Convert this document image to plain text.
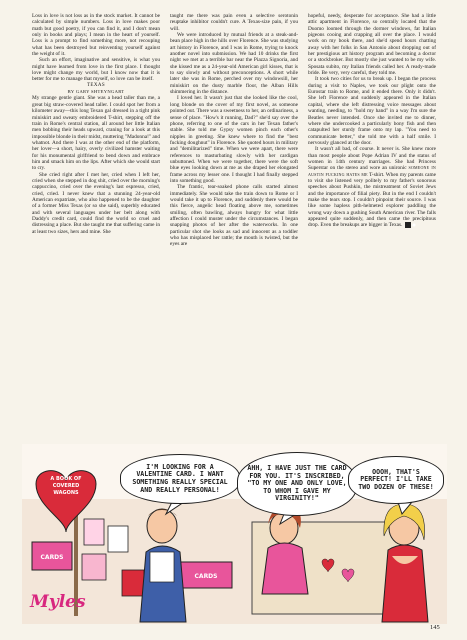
Loss in love is not loss as in the stock market. It cannot be calculated by simple numbers. Loss in love makes poor math but good poetry, if you can find it, and I don't mean only in books and plays; I mean in the heart of yourself. Loss is a prompt to find something more, not recouping what has been destroyed but reinventing yourself against the weight of it.

Such an effort, imaginative and sensitive, is what you might have learned from love in the first place. I thought love might change my world, but I know now that it is better for me to manage that myself, so love can be itself.

TEXAS

BY GARY SHTEYNGART

My strange gentle giant. She was a head taller than me, a great big straw-covered head taller. I could spot her from a kilometer away—this long Texan gal dressed in a tight pink miniskirt and sweaty embroidered T-shirt, stepping off the train in Rome's central station, all around her little Italian men bobbing their heads upward, craning for a look at this impossible blonde in their midst, muttering "Madonna!" and whatnot. And there I was at the other end of the platform, her lover—a short, hairy, overly civilized hamster waiting for his monumental girlfriend to bend down and embrace him and smack him on the lips. After which she would start to cry.

She cried right after I met her, cried when I left her, cried when she stepped in dog shit, cried over the morning's cappuccino, cried over the evening's last espresso, cried, cried, cried. I never knew that a stunning 24-year-old American expatriate, who also happened to be the daughter of a former Miss Texas (or so she said), superbly educated and with several languages under her belt along with Daddy's credit card, could find the world so cruel and distressing a place. But she taught me that suffering came in at least two sizes, hers and mine. She

taught me there was pain even a selective serotonin reuptake inhibitor couldn't cure. A Texas-size pain, if you will.

We were introduced by mutual friends at a steak-and-bean place high in the hills over Florence. She was studying art history in Florence, and I was in Rome, trying to knock another novel into submission. We had 10 drinks the first night we met at a terrible bar near the Piazza Signoria, and she kissed me as a 24-year-old American girl kisses, that is to say slowly and without preconceptions. A short while later she was in Rome, perched over my windowsill, her miniskirt on the dusty marble floor, the Alban Hills shimmering in the distance.

I loved her. It wasn't just that she looked like the cool, long blonde on the cover of my first novel, as someone pointed out. There was a sweetness to her, an ordinariness, a sense of place. "How's it running, Dad?" she'd say over the phone, referring to one of the cars in her Texan father's stable. She told me Gypsy women pinch each other's nipples in greeting. She knew where to find the "best fucking doughnut" in Florence. She quoted hours in military and "demilitarized" time. When we were apart, there were references to masturbating slowly with her cardigan unbuttoned. When we were together, there were the soft blue eyes looking down at me as she draped her elongated frame across my lesser one. I thought I had finally stepped into something good.

The frantic, tear-soaked phone calls started almost immediately. She would take the train down to Rome or I would take it up to Florence, and suddenly there would be this fierce, angelic head floating above me, sometimes smiling, often bawling, always hungry for what little affection I could muster under the circumstances. I began snapping photos of her after the waterworks. In one particular shot she looks as sad and innocent as a toddler who has misplaced her rattle; the mouth is twisted, but the eyes are

hopeful, needy, desperate for acceptance. She had a little attic apartment in Florence, so centrally located that the Duomo loomed through the dormer windows, fat Italian pigeons cooing and crapping all over the place. I would work on my book there, and she'd spend hours chatting away with her folks in San Antonio about dropping out of her prestigious art history program and becoming a doctor or a stockbroker. But mostly she just wanted to be my wife. Sposata subito, my Italian friends called her. A ready-made bride. Be very, very careful, they told me.

It took two cities for us to break up. I began the process during a visit to Naples, we took our plight onto the Eurostar train to Rome, and it ended there. Only it didn't. She left Florence and suddenly appeared in the Italian capital, where she left distressing voice messages about wanting, needing, to "hold my hand" in a way I'm sure the Beatles never intended. Once she invited me to dinner, where she undercooked a particularly bony fish and then catapulted her sturdy frame onto my lap. "You need to communicate better," she told me with a half smile. I nervously glanced at the door.

It wasn't all bad, of course. It never is. She knew more than most people about Pope Adrian IV and the status of women in 14th century marriages. She had Princess Superstar on the stereo and wore an unironic someone in austin fucking hates me T-shirt. When my parents came to visit she listened very politely to my father's sonorous speeches about Pushkin, the mistreatment of Soviet Jews and the importance of filial piety. But in the end I couldn't make the tears stop. I couldn't pinpoint their source. I was like some hapless pith-helmeted explorer paddling the wrong way down a gushing South American river. The falls appeared quite suddenly, and then came the precipitous drop. Even the breakups are bigger in Texas.	●

A BOOK OF
COVERED
WAGONS
CARDS
CARDS
I'M LOOKING FOR A VALENTINE CARD. I WANT SOMETHING REALLY SPECIAL AND REALLY PERSONAL!
AHH, I HAVE JUST THE CARD FOR YOU. IT'S INSCRIBED, "TO MY ONE AND ONLY LOVE, TO WHOM I GAVE MY VIRGINITY!"
OOOH, THAT'S PERFECT! I'LL TAKE TWO DOZEN OF THESE!
Myles
145
